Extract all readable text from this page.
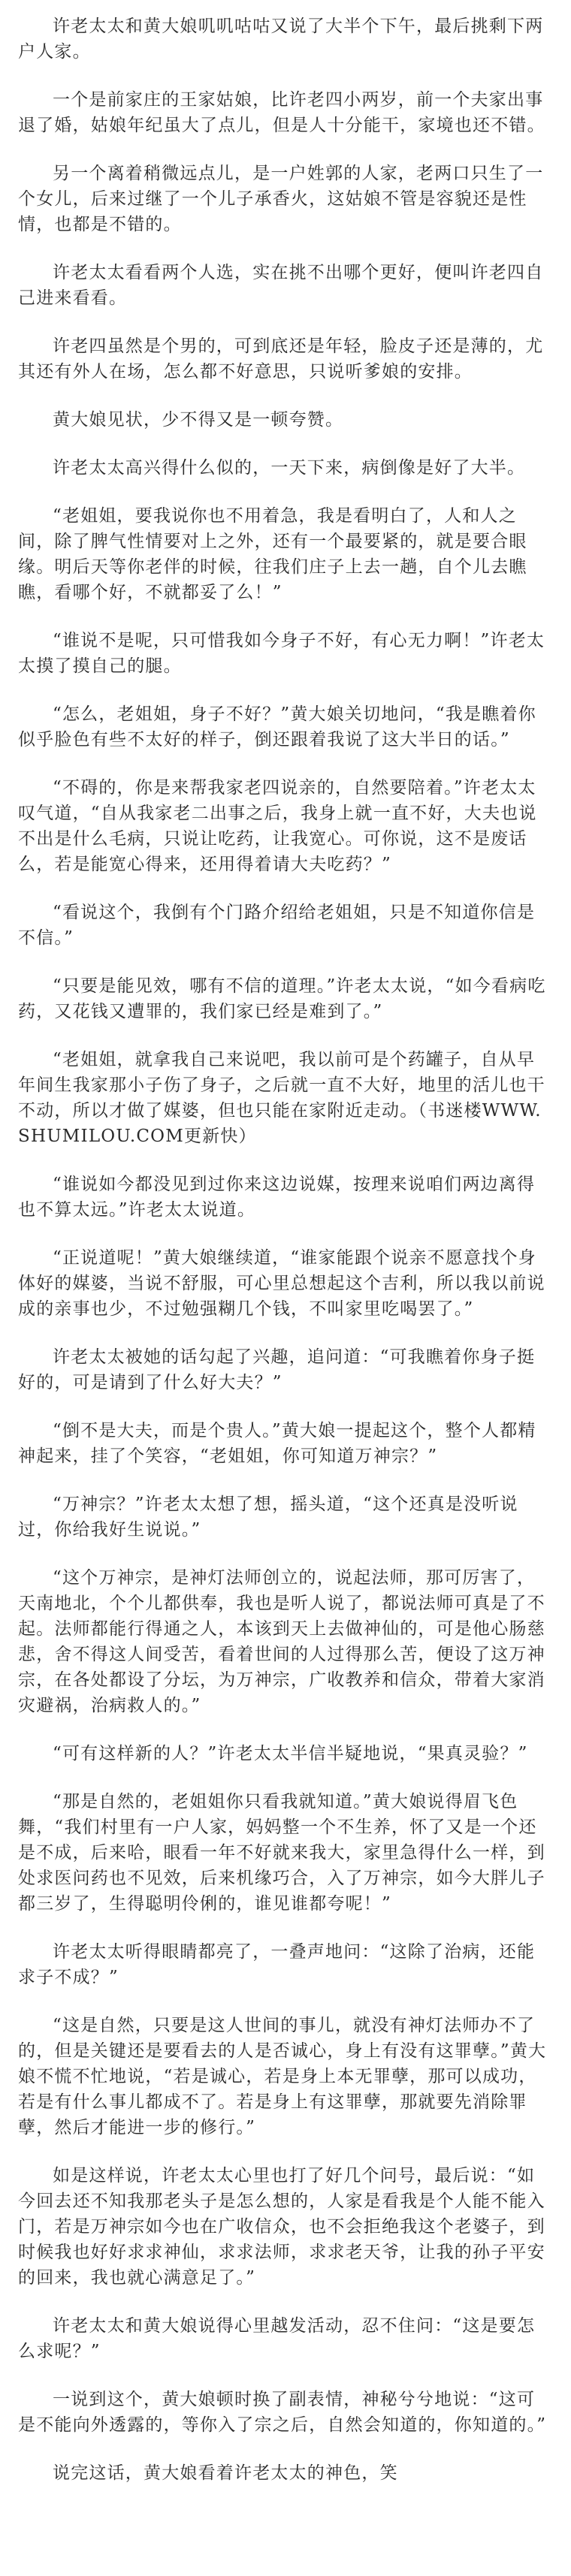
许老太太和黄大娘叽叽咕咕又说了大半个下午，最后挑剩下两户人家。

一个是前家庄的王家姑娘，比许老四小两岁，前一个夫家出事退了婚，姑娘年纪虽大了点儿，但是人十分能干，家境也还不错。

另一个离着稍微远点儿，是一户姓郭的人家，老两口只生了一个女儿，后来过继了一个儿子承香火，这姑娘不管是容貌还是性情，也都是不错的。

许老太太看看两个人选，实在挑不出哪个更好，便叫许老四自己进来看看。

许老四虽然是个男的，可到底还是年轻，脸皮子还是薄的，尤其还有外人在场，怎么都不好意思，只说听爹娘的安排。

黄大娘见状，少不得又是一顿夸赞。

许老太太高兴得什么似的，一天下来，病倒像是好了大半。

“老姐姐，要我说你也不用着急，我是看明白了，人和人之间，除了脾气性情要对上之外，还有一个最要紧的，就是要合眼缘。明后天等你老伴的时候，往我们庄子上去一趟，自个儿去瞧瞧，看哪个好，不就都妥了么！”

“谁说不是呢，只可惜我如今身子不好，有心无力啊！”许老太太摸了摸自己的腿。

“怎么，老姐姐，身子不好？”黄大娘关切地问，“我是瞧着你似乎脸色有些不太好的样子，倒还跟着我说了这大半日的话。”

“不碍的，你是来帮我家老四说亲的，自然要陪着。”许老太太叹气道，“自从我家老二出事之后，我身上就一直不好，大夫也说不出是什么毛病，只说让吃药，让我宽心。可你说，这不是废话么，若是能宽心得来，还用得着请大夫吃药？”

“看说这个，我倒有个门路介绍给老姐姐，只是不知道你信是不信。”

“只要是能见效，哪有不信的道理。”许老太太说，“如今看病吃药，又花钱又遭罪的，我们家已经是难到了。”

“老姐姐，就拿我自己来说吧，我以前可是个药罐子，自从早年间生我家那小子伤了身子，之后就一直不大好，地里的活儿也干不动，所以才做了媒婆，但也只能在家附近走动。（书迷楼WWW.SHUMILOU.COM更新快）

“谁说如今都没见到过你来这边说媒，按理来说咱们两边离得也不算太远。”许老太太说道。

“正说道呢！”黄大娘继续道，“谁家能跟个说亲不愿意找个身体好的媒婆，当说不舒服，可心里总想起这个吉利，所以我以前说成的亲事也少，不过勉强糊几个钱，不叫家里吃喝罢了。”

许老太太被她的话勾起了兴趣，追问道：“可我瞧着你身子挺好的，可是请到了什么好大夫？”

“倒不是大夫，而是个贵人。”黄大娘一提起这个，整个人都精神起来，挂了个笑容，“老姐姐，你可知道万神宗？”

“万神宗？”许老太太想了想，摇头道，“这个还真是没听说过，你给我好生说说。”

“这个万神宗，是神灯法师创立的，说起法师，那可厉害了，天南地北，个个儿都供奉，我也是听人说了，都说法师可真是了不起。法师都能行得通之人，本该到天上去做神仙的，可是他心肠慈悲，舍不得这人间受苦，看着世间的人过得那么苦，便设了这万神宗，在各处都设了分坛，为万神宗，广收教养和信众，带着大家消灾避祸，治病救人的。”

“可有这样新的人？”许老太太半信半疑地说，“果真灵验？”

“那是自然的，老姐姐你只看我就知道。”黄大娘说得眉飞色舞，“我们村里有一户人家，妈妈整一个不生养，怀了又是一个还是不成，后来哈，眼看一年不好就来我大，家里急得什么一样，到处求医问药也不见效，后来机缘巧合，入了万神宗，如今大胖儿子都三岁了，生得聪明伶俐的，谁见谁都夸呢！”

许老太太听得眼睛都亮了，一叠声地问：“这除了治病，还能求子不成？”

“这是自然，只要是这人世间的事儿，就没有神灯法师办不了的，但是关键还是要看去的人是否诚心，身上有没有这罪孽。”黄大娘不慌不忙地说，“若是诚心，若是身上本无罪孽，那可以成功，若是有什么事儿都成不了。若是身上有这罪孽，那就要先消除罪孽，然后才能进一步的修行。”

如是这样说，许老太太心里也打了好几个问号，最后说：“如今回去还不知我那老头子是怎么想的，人家是看我是个人能不能入门，若是万神宗如今也在广收信众，也不会拒绝我这个老婆子，到时候我也好好求求神仙，求求法师，求求老天爷，让我的孙子平安的回来，我也就心满意足了。”

许老太太和黄大娘说得心里越发活动，忍不住问：“这是要怎么求呢？”

一说到这个，黄大娘顿时换了副表情，神秘兮兮地说：“这可是不能向外透露的，等你入了宗之后，自然会知道的，你知道的。”

说完这话，黄大娘看着许老太太的神色，笑
